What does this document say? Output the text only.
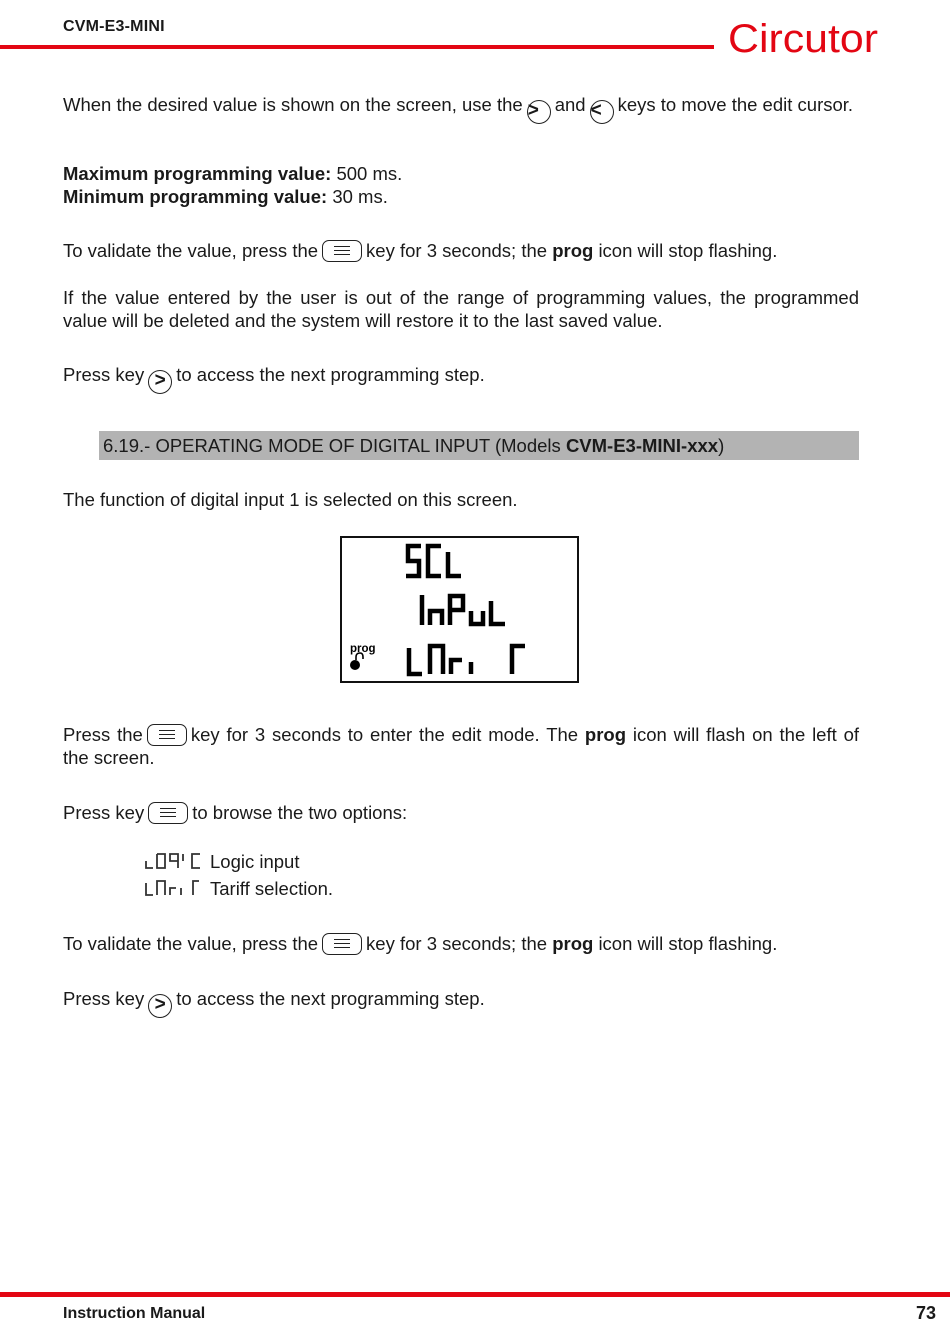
CVM-E3-MINI	Circutor
When the desired value is shown on the screen, use the > and < keys to move the edit cursor.
Maximum programming value: 500 ms.
Minimum programming value: 30 ms.
To validate the value, press the	key for 3 seconds; the prog icon will stop flashing.
If the value entered by the user is out of the range of programming values, the programmed value will be deleted and the system will restore it to the last saved value.
Press key > to access the next programming step.
6.19.- OPERATING MODE OF DIGITAL INPUT (Models CVM-E3-MINI-xxx)
The function of digital input 1 is selected on this screen.
prog
Press the	key for 3 seconds to enter the edit mode. The prog icon will flash on the left of the screen.
Press key	to browse the two options:
Logic input
Tariff selection.
To validate the value, press the	key for 3 seconds; the prog icon will stop flashing.
Press key > to access the next programming step.
Instruction Manual	73
